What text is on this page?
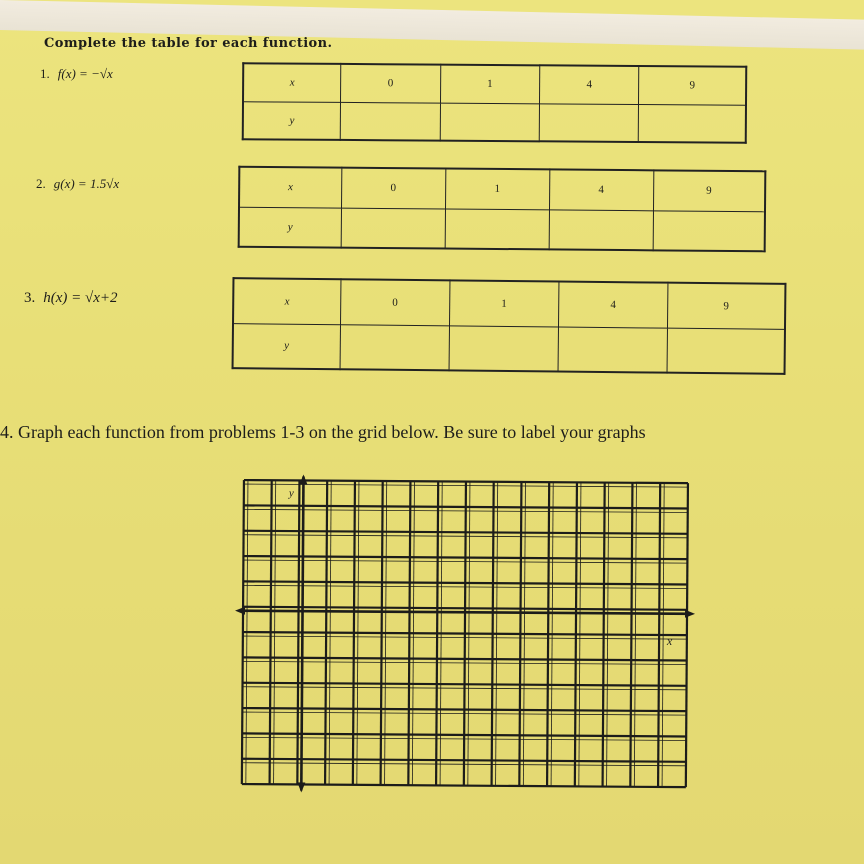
Complete the table for each function.
1. f(x) = −√x
x	0	1	4	9
y				
2. g(x) = 1.5√x	x	0	1	4	9
y				
3. h(x) = √x+2	x	0	1	4	9
y				
4. Graph each function from problems 1-3 on the grid below. Be sure to label your graphs
y
x
